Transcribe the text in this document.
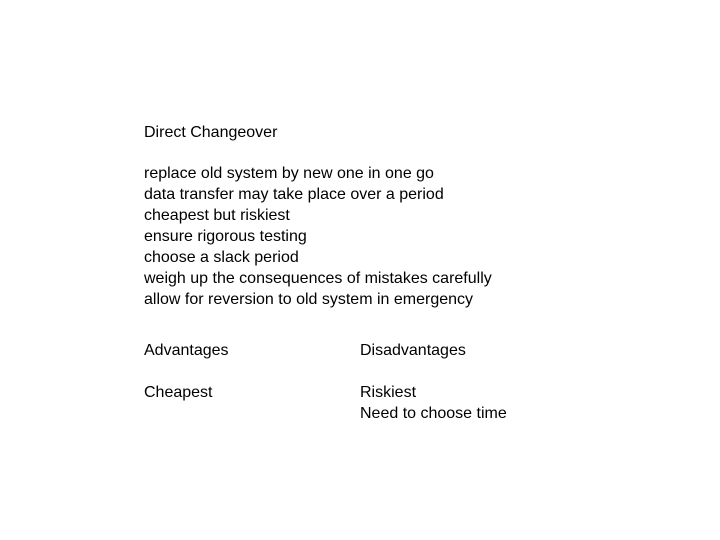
Direct Changeover
replace old system by new one in one go
data transfer may take place over a period
cheapest but riskiest
ensure rigorous testing
choose a slack period
weigh up the consequences of mistakes carefully
allow for reversion to old system in emergency
Advantages	Disadvantages
Cheapest	Riskiest
Need to choose time
